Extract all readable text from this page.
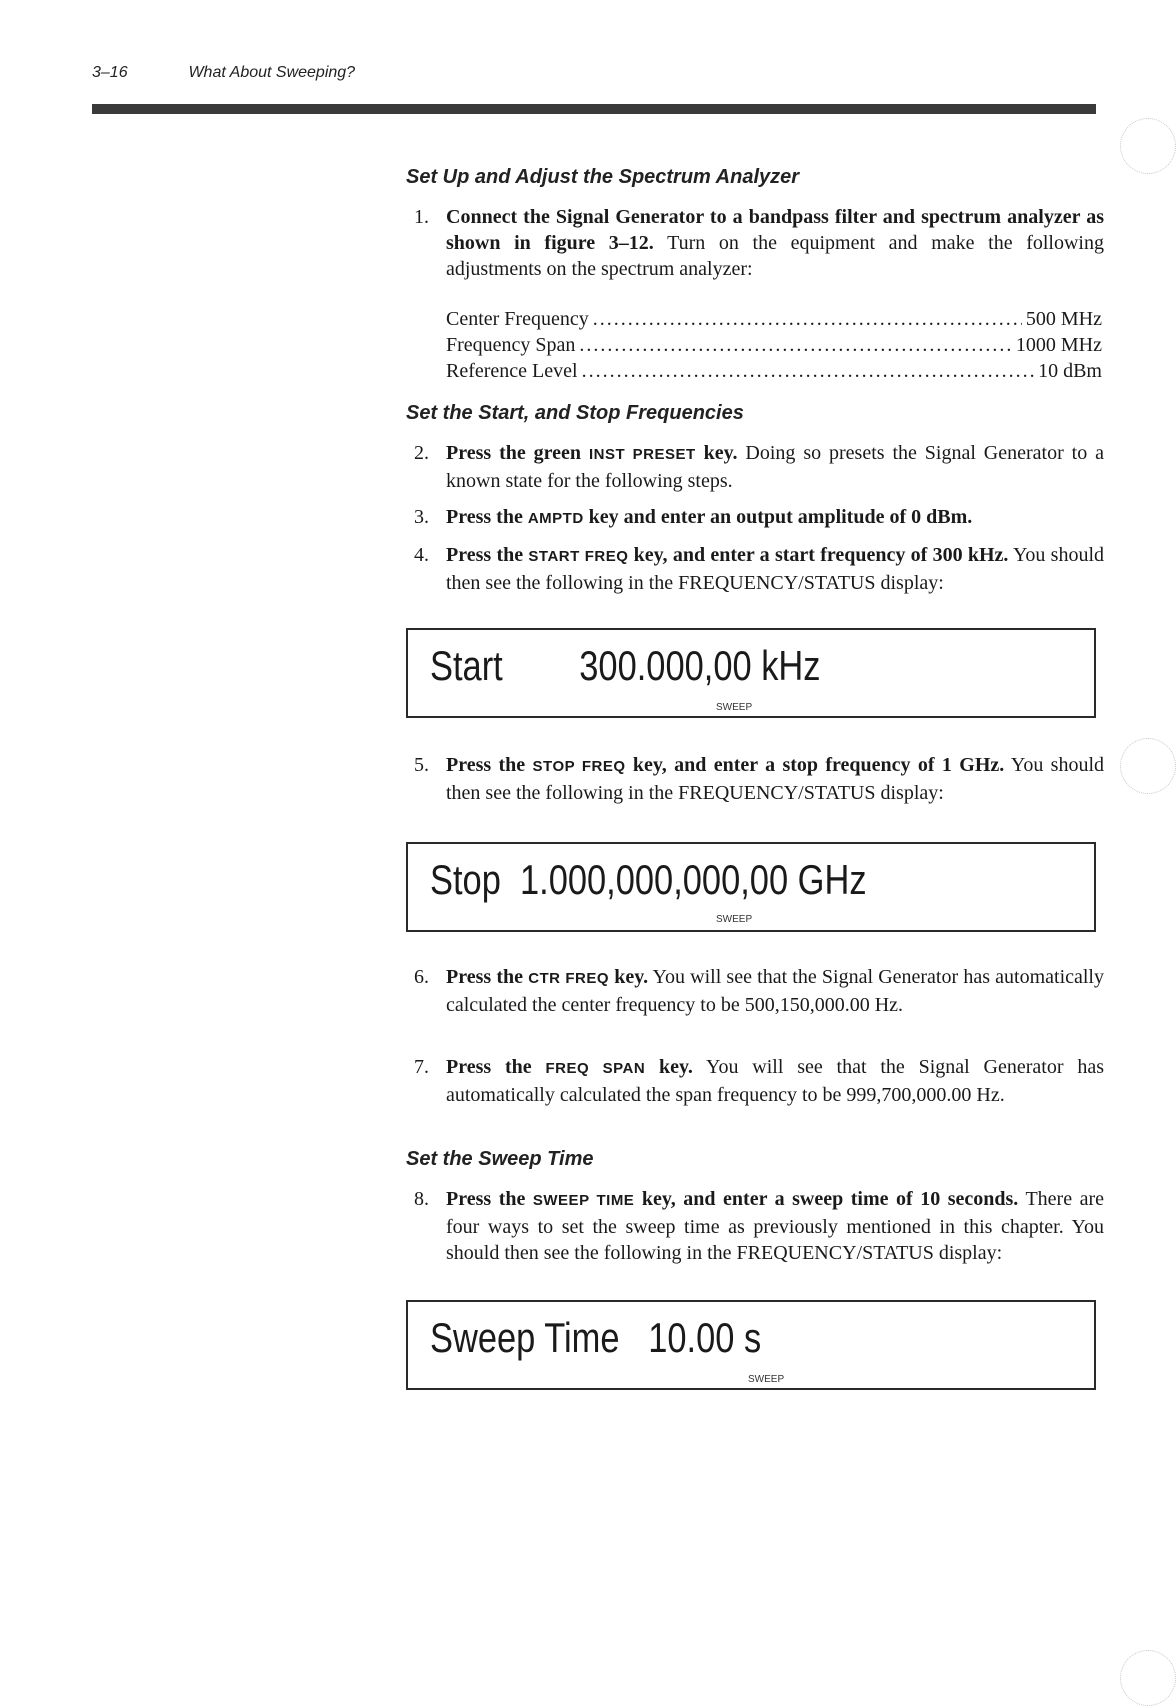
3–16	What About Sweeping?
Set Up and Adjust the Spectrum Analyzer
1. Connect the Signal Generator to a bandpass filter and spectrum analyzer as shown in figure 3–12. Turn on the equipment and make the following adjustments on the spectrum analyzer:
Center Frequency .....	500 MHz
Frequency Span .....	1000 MHz
Reference Level .....	10 dBm
Set the Start, and Stop Frequencies
2. Press the green INST PRESET key. Doing so presets the Signal Generator to a known state for the following steps.
3. Press the AMPTD key and enter an output amplitude of 0 dBm.
4. Press the START FREQ key, and enter a start frequency of 300 kHz. You should then see the following in the FREQUENCY/STATUS display:
Start        300.000,00 kHz
SWEEP
5. Press the STOP FREQ key, and enter a stop frequency of 1 GHz. You should then see the following in the FREQUENCY/STATUS display:
Stop  1.000,000,000,00 GHz
SWEEP
6. Press the CTR FREQ key. You will see that the Signal Generator has automatically calculated the center frequency to be 500,150,000.00 Hz.
7. Press the FREQ SPAN key. You will see that the Signal Generator has automatically calculated the span frequency to be 999,700,000.00 Hz.
Set the Sweep Time
8. Press the SWEEP TIME key, and enter a sweep time of 10 seconds. There are four ways to set the sweep time as previously mentioned in this chapter. You should then see the following in the FREQUENCY/STATUS display:
Sweep Time   10.00 s
SWEEP
